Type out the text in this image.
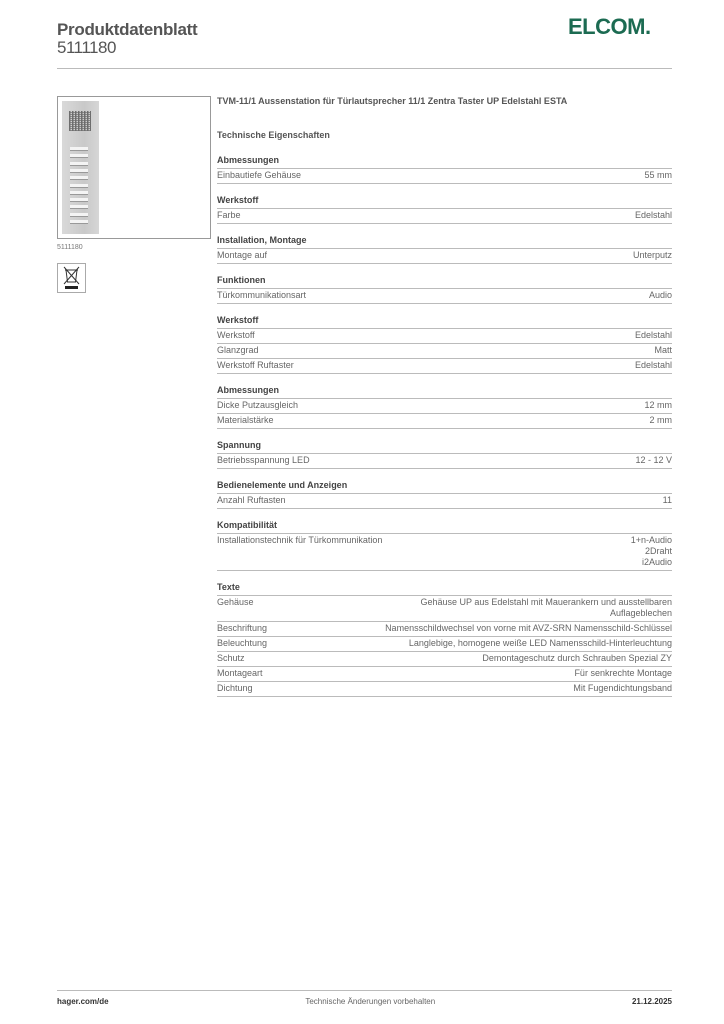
Produktdatenblatt
5111180
ELCOM.
5111180
TVM-11/1 Aussenstation für Türlautsprecher 11/1 Zentra Taster UP Edelstahl ESTA
Technische Eigenschaften
Abmessungen
Einbautiefe Gehäuse	55 mm
Werkstoff
Farbe	Edelstahl
Installation, Montage
Montage auf	Unterputz
Funktionen
Türkommunikationsart	Audio
Werkstoff
Werkstoff	Edelstahl
Glanzgrad	Matt
Werkstoff Ruftaster	Edelstahl
Abmessungen
Dicke Putzausgleich	12 mm
Materialstärke	2 mm
Spannung
Betriebsspannung LED	12 - 12 V
Bedienelemente und Anzeigen
Anzahl Ruftasten	11
Kompatibilität
Installationstechnik für Türkommunikation	1+n-Audio
2Draht
i2Audio
Texte
Gehäuse	Gehäuse UP aus Edelstahl mit Mauerankern und ausstellbaren Auflageblechen
Beschriftung	Namensschildwechsel von vorne mit AVZ-SRN Namensschild-Schlüssel
Beleuchtung	Langlebige, homogene weiße LED Namensschild-Hinterleuchtung
Schutz	Demontageschutz durch Schrauben Spezial ZY
Montageart	Für senkrechte Montage
Dichtung	Mit Fugendichtungsband
hager.com/de	Technische Änderungen vorbehalten	21.12.2025
